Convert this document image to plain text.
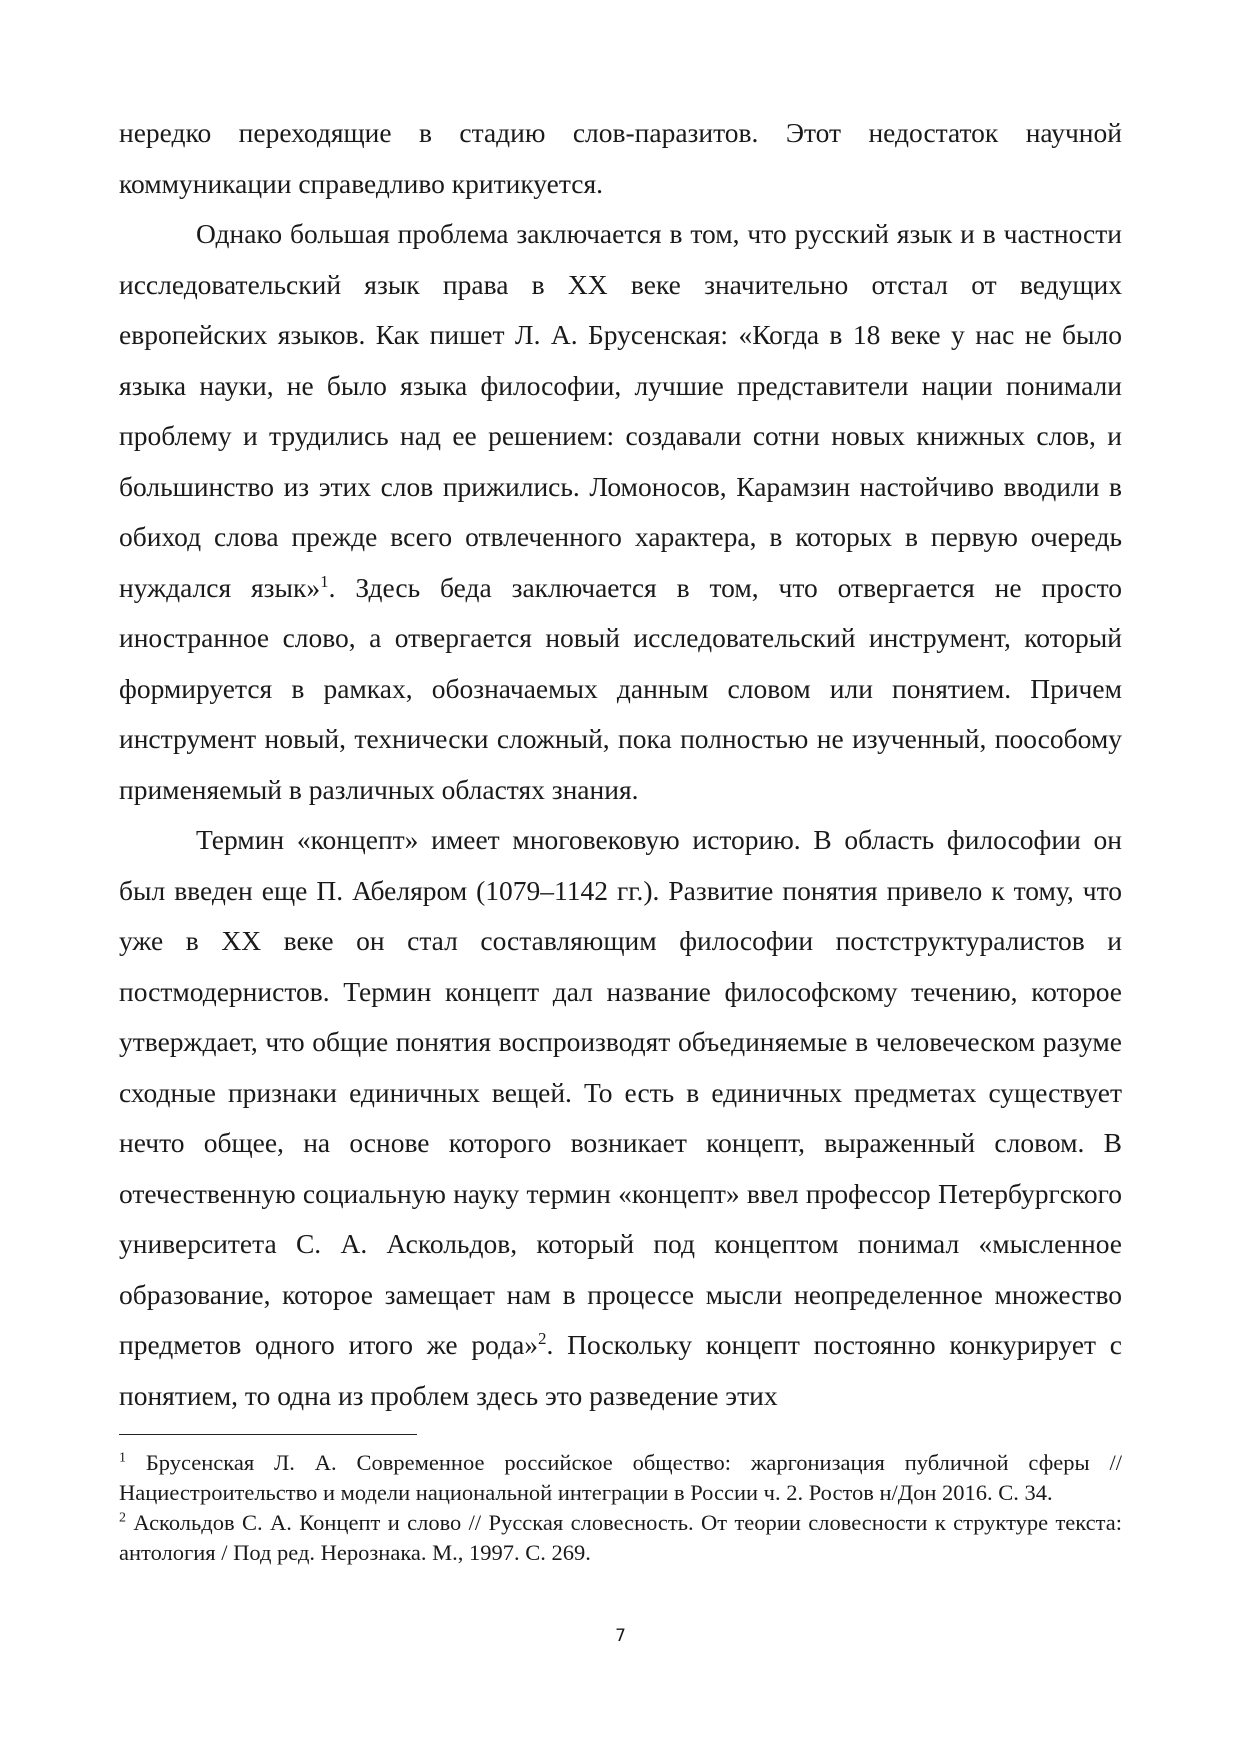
нередко переходящие в стадию слов-паразитов. Этот недостаток научной коммуникации справедливо критикуется.

Однако большая проблема заключается в том, что русский язык и в частности исследовательский язык права в XX веке значительно отстал от ведущих европейских языков. Как пишет Л. А. Брусенская: «Когда в 18 веке у нас не было языка науки, не было языка философии, лучшие представители нации понимали проблему и трудились над ее решением: создавали сотни новых книжных слов, и большинство из этих слов прижились. Ломоносов, Карамзин настойчиво вводили в обиход слова прежде всего отвлеченного характера, в которых в первую очередь нуждался язык»$^1$. Здесь беда заключается в том, что отвергается не просто иностранное слово, а отвергается новый исследовательский инструмент, который формируется в рамках, обозначаемых данным словом или понятием. Причем инструмент новый, технически сложный, пока полностью не изученный, поособому применяемый в различных областях знания.

Термин «концепт» имеет многовековую историю. В область философии он был введен еще П. Абеляром (1079–1142 гг.). Развитие понятия привело к тому, что уже в XX веке он стал составляющим философии постструктуралистов и постмодернистов. Термин концепт дал название философскому течению, которое утверждает, что общие понятия воспроизводят объединяемые в человеческом разуме сходные признаки единичных вещей. То есть в единичных предметах существует нечто общее, на основе которого возникает концепт, выраженный словом. В отечественную социальную науку термин «концепт» ввел профессор Петербургского университета С. А. Аскольдов, который под концептом понимал «мысленное образование, которое замещает нам в процессе мысли неопределенное множество предметов одного итого же рода»$^2$. Поскольку концепт постоянно конкурирует с понятием, то одна из проблем здесь это разведение этих

$^1$ Брусенская Л. А. Современное российское общество: жаргонизация публичной сферы // Нациестроительство и модели национальной интеграции в России ч. 2. Ростов н/Дон 2016. С. 34.

$^2$ Аскольдов С. А. Концепт и слово // Русская словесность. От теории словесности к структуре текста: антология / Под ред. Нерознака. М., 1997. С. 269.

7
